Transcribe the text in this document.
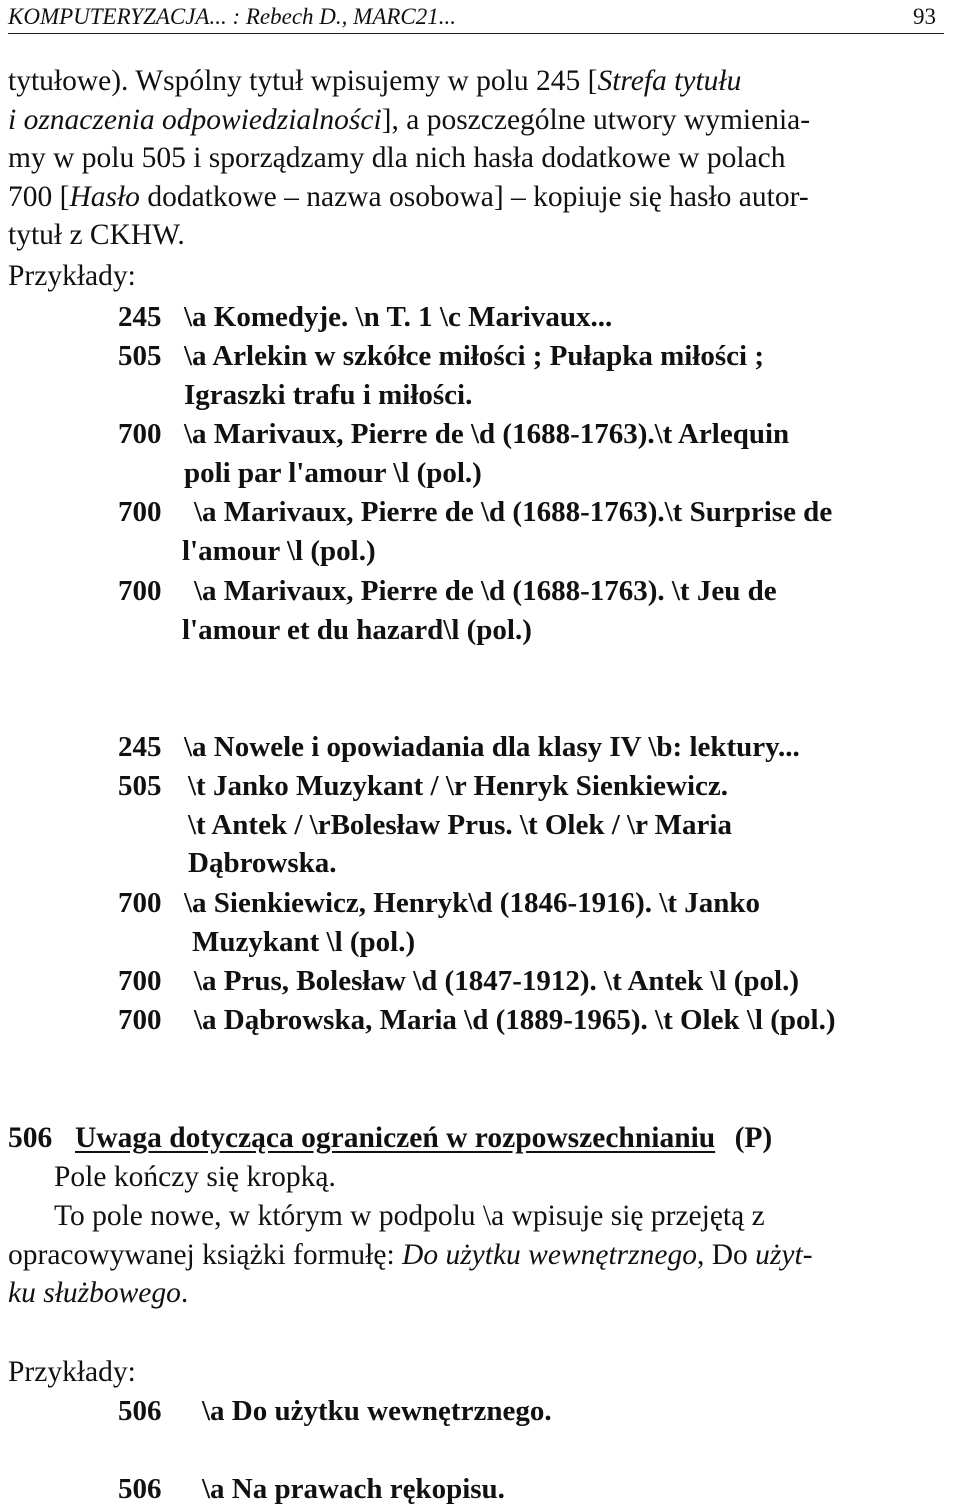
KOMPUTERYZACJA... : Rebech D., MARC21...	93
tytułowe). Wspólny tytuł wpisujemy w polu 245 [Strefa tytułu
i oznaczenia odpowiedzialności], a poszczególne utwory wymienia-
my w polu 505 i sporządzamy dla nich hasła dodatkowe w polach
700 [Hasło dodatkowe – nazwa osobowa] – kopiuje się hasło autor-
tytuł z CKHW.
Przykłady:
245 \a Komedyje. \n T. 1 \c Marivaux...
505 \a Arlekin w szkółce miłości ; Pułapka miłości ;
Igraszki trafu i miłości.
700 \a Marivaux, Pierre de \d (1688-1763).\t Arlequin
poli par l'amour \l (pol.)
700 \a Marivaux, Pierre de \d (1688-1763).\t Surprise de
l'amour \l (pol.)
700 \a Marivaux, Pierre de \d (1688-1763). \t Jeu de
l'amour et du hazard\l (pol.)
245 \a Nowele i opowiadania dla klasy IV \b: lektury...
505 \t Janko Muzykant / \r Henryk Sienkiewicz.
\t Antek / \rBolesław Prus. \t Olek / \r Maria
Dąbrowska.
700 \a Sienkiewicz, Henryk\d (1846-1916). \t Janko
Muzykant \l (pol.)
700 \a Prus, Bolesław \d (1847-1912). \t Antek \l (pol.)
700 \a Dąbrowska, Maria \d (1889-1965). \t Olek \l (pol.)
506 Uwaga dotycząca ograniczeń w rozpowszechnianiu (P)
Pole kończy się kropką.
To pole nowe, w którym w podpolu \a wpisuje się przejętą z
opracowywanej książki formułę: Do użytku wewnętrznego, Do użyt-
ku służbowego.
Przykłady:
506 \a Do użytku wewnętrznego.
506 \a Na prawach rękopisu.
